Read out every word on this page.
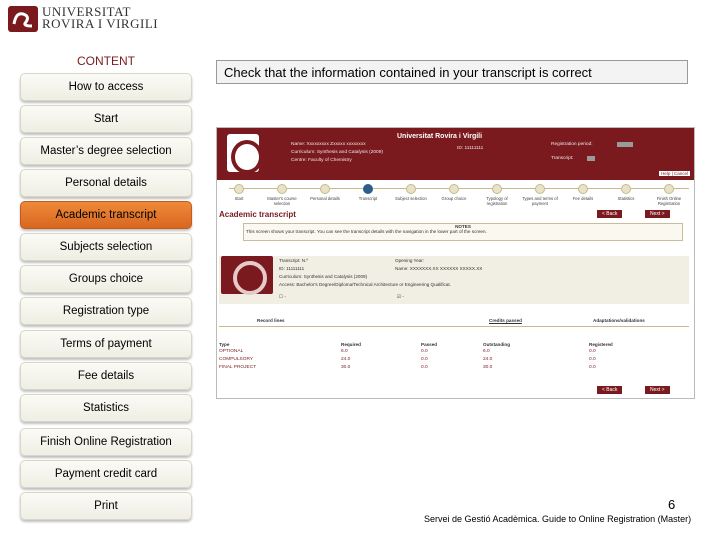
UNIVERSITAT
ROVIRA I VIRGILI
CONTENT
How to access
Start
Master’s degree selection
Personal details
Academic transcript
Subjects selection
Groups choice
Registration type
Terms of payment
Fee details
Statistics
Finish Online Registration
Payment credit card
Print
Check that the information contained in your transcript is correct
Universitat Rovira i Virgili
Name: Xxxxxxxxx Zxxxxx xxxxxxxx
Curriculum: Synthesis and Catalysis (2009)
Centre: Faculty of Chemistry
ID: 11111111
Registration period:
Transcript:
Help | Cancel
Start	Master's course selection
Personal details	Transcript	Subject selection	Group choice	Typology of registration
Types and terms of payment
Fee details	Statistics	Finish Online Registration
Academic transcript	< Back	Next >
NOTES
This screen shows your transcript. You can see the transcript details with the navigation in the lower part of the screen.
Transcript: N.º	Opening Year:
ID: 11111111	Name: XXXXXXX.XX XXXXXX XXXXX.XX
Curriculum: Synthesis and Catalysis (2009)
Access: Bachelor's Degree/Diploma/Technical Architecture or Engineering Qualificat.
☐ -	☑ -
Record lines	Credits passed	Adaptations/validations
Type	Required	Passed	Outstanding	Registered
OPTIONAL	6.0	0.0	6.0	0.0
COMPULSORY	24.0	0.0	24.0	0.0
FINAL PROJECT	30.0	0.0	30.0	0.0
< Back	Next >
6
Servei de Gestió Acadèmica. Guide to Online Registration (Master)
